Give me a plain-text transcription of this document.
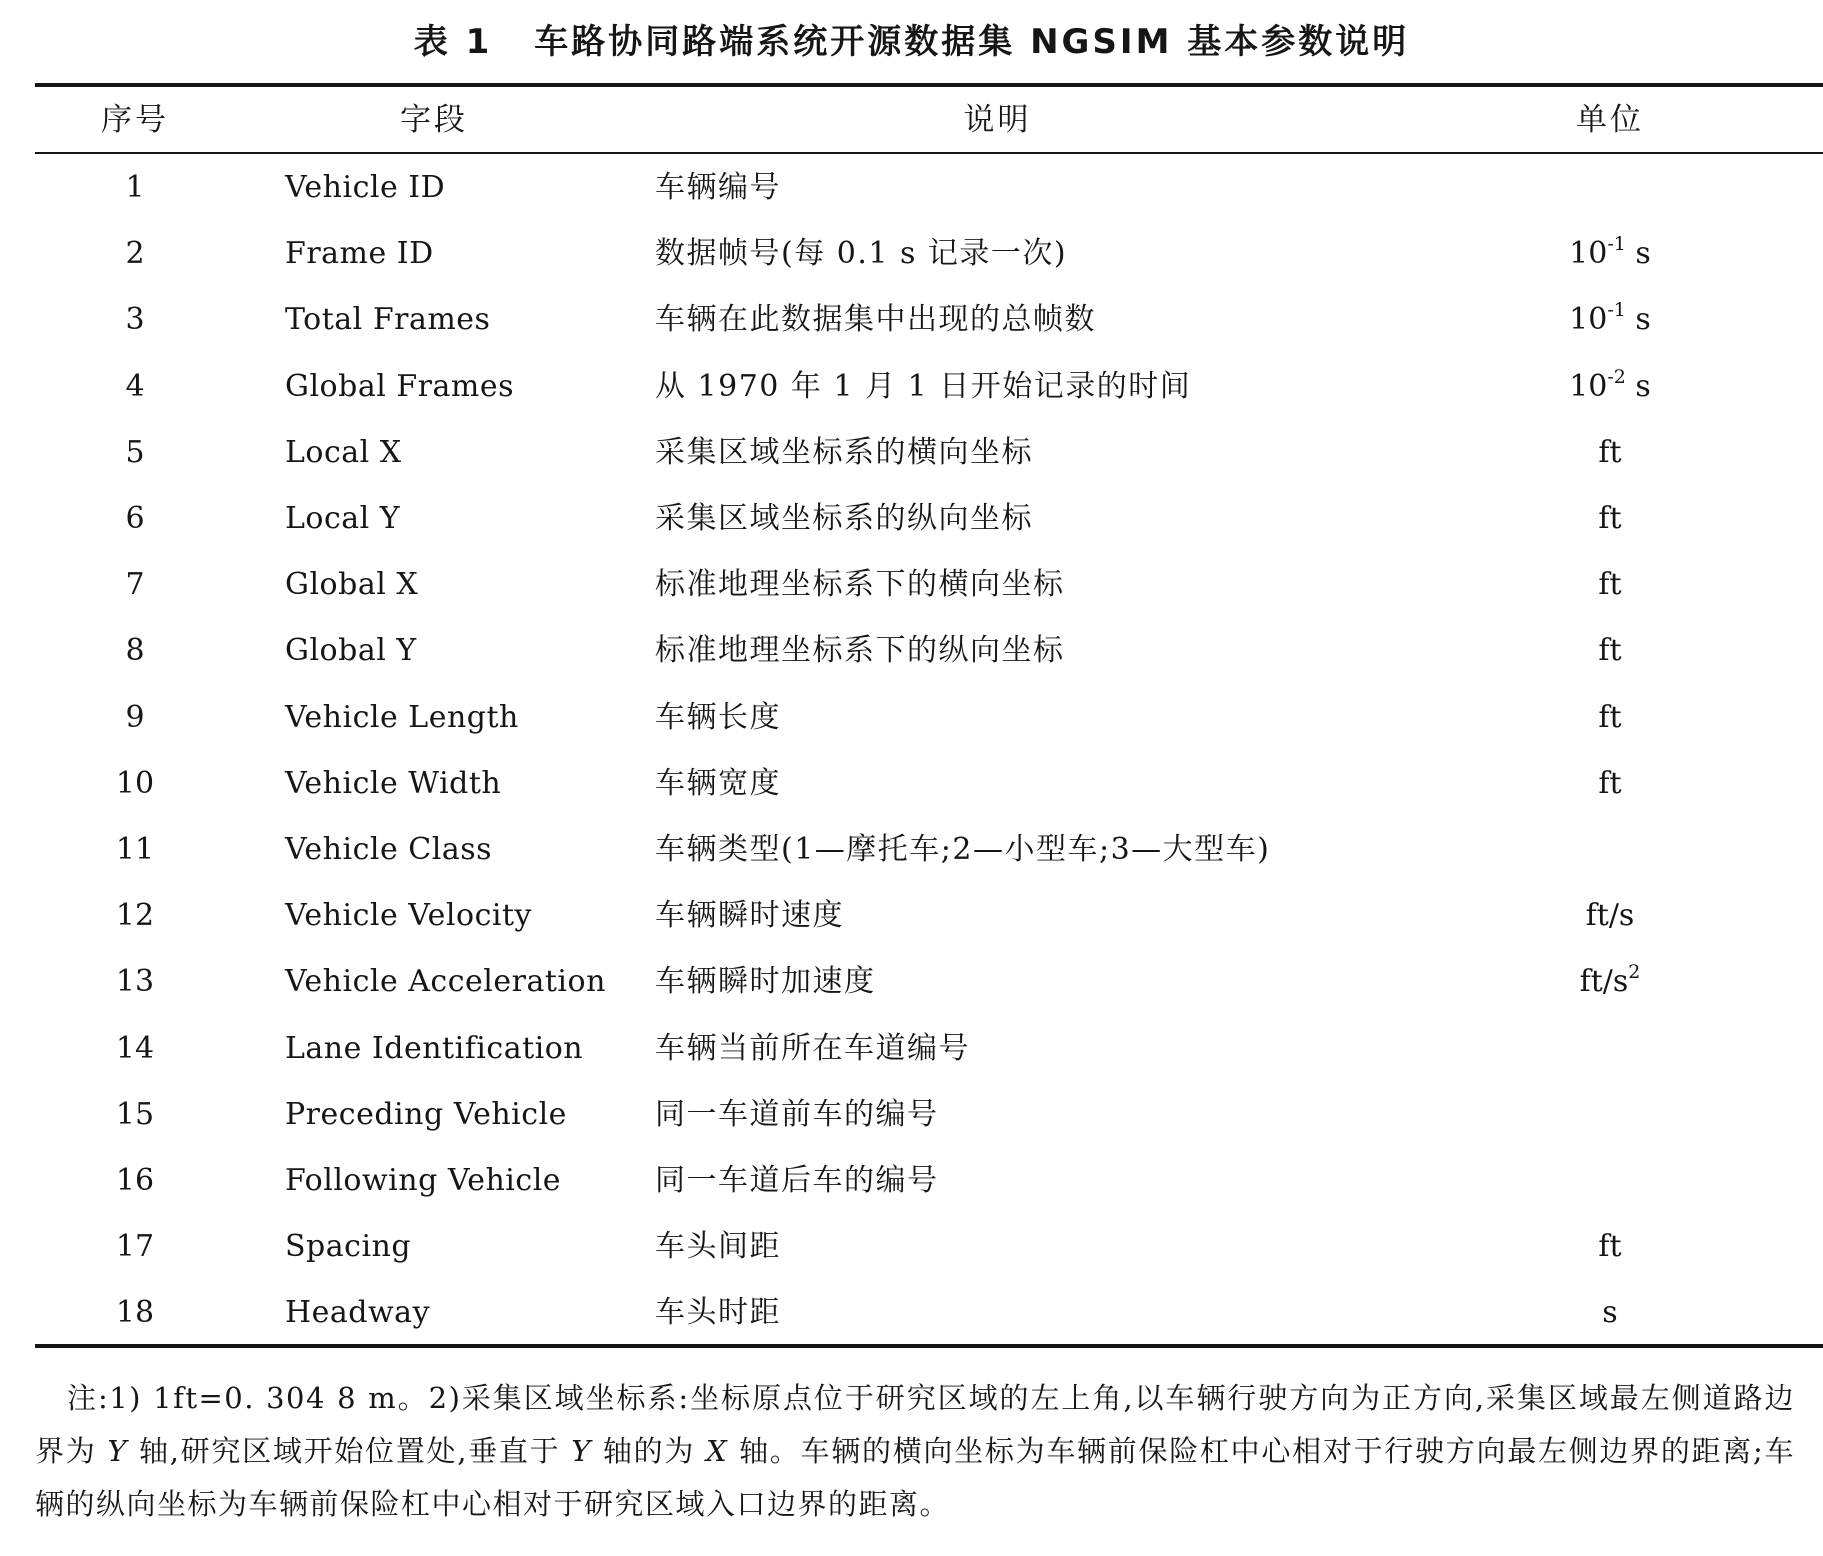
表 1 车路协同路端系统开源数据集 NGSIM 基本参数说明
序号	字段	说明	单位
1	Vehicle ID	车辆编号
2	Frame ID	数据帧号(每 0.1 s 记录一次)	$10^{-1}$ s
3	Total Frames	车辆在此数据集中出现的总帧数	$10^{-1}$ s
4	Global Frames	从 1970 年 1 月 1 日开始记录的时间	$10^{-2}$ s
5	Local X	采集区域坐标系的横向坐标	ft
6	Local Y	采集区域坐标系的纵向坐标	ft
7	Global X	标准地理坐标系下的横向坐标	ft
8	Global Y	标准地理坐标系下的纵向坐标	ft
9	Vehicle Length	车辆长度	ft
10	Vehicle Width	车辆宽度	ft
11	Vehicle Class	车辆类型(1—摩托车;2—小型车;3—大型车)
12	Vehicle Velocity	车辆瞬时速度	ft/s
13	Vehicle Acceleration 车辆瞬时加速度	$ft/s^2$
14	Lane Identification 车辆当前所在车道编号
15	Preceding Vehicle	同一车道前车的编号
16	Following Vehicle	同一车道后车的编号
17	Spacing	车头间距	ft
18	Headway	车头时距	s
注:1) 1ft=0. 304 8 m。2)采集区域坐标系:坐标原点位于研究区域的左上角,以车辆行驶方向为正方向,采集区域最左侧道路边界为 Y 轴,研究区域开始位置处,垂直于 Y 轴的为 X 轴。车辆的横向坐标为车辆前保险杠中心相对于行驶方向最左侧边界的距离;车辆的纵向坐标为车辆前保险杠中心相对于研究区域入口边界的距离。
